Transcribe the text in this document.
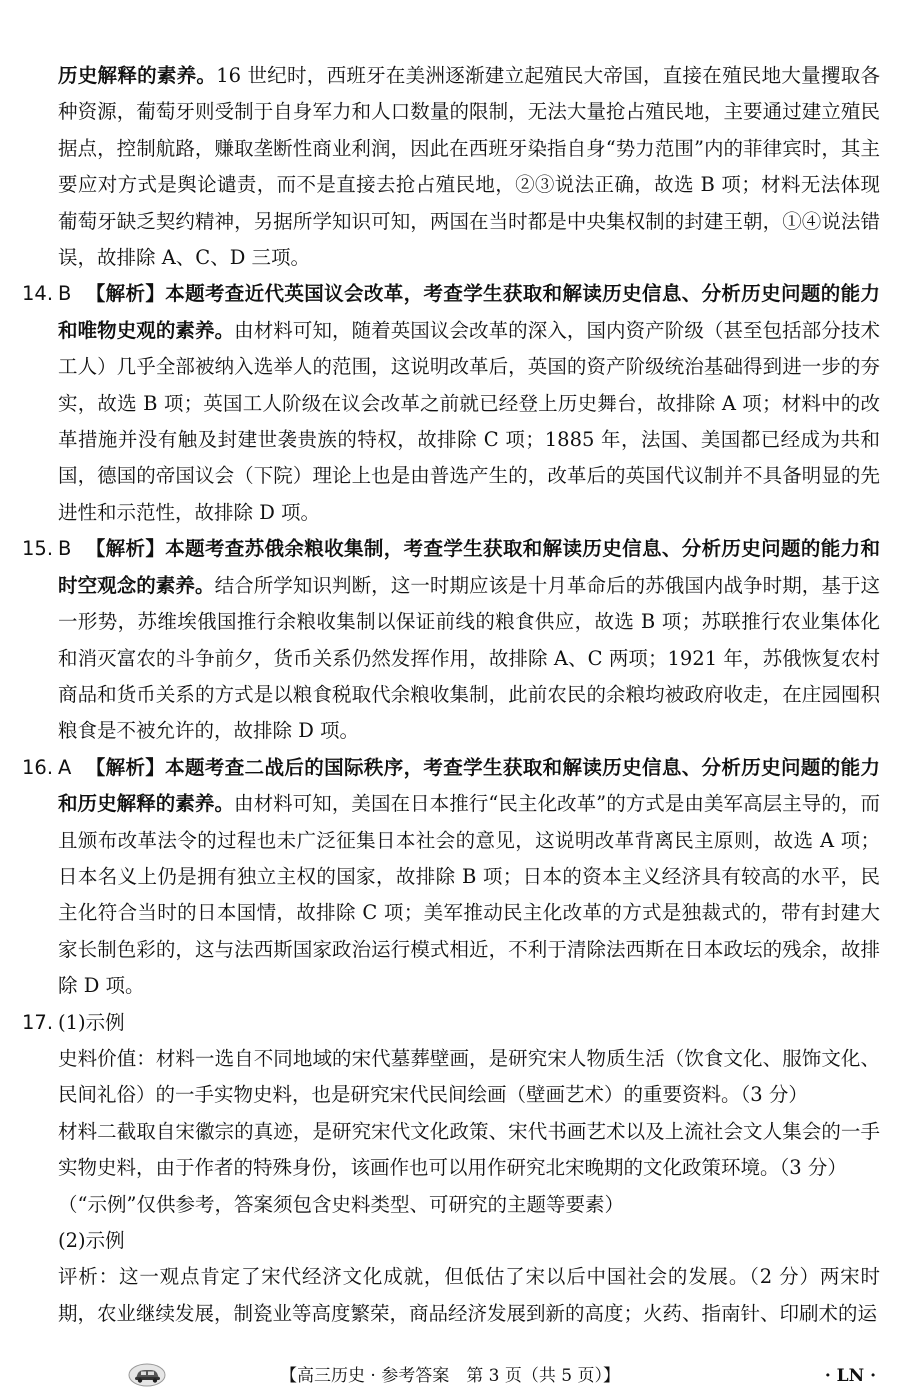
历史解释的素养。16 世纪时，西班牙在美洲逐渐建立起殖民大帝国，直接在殖民地大量攫取各种资源，葡萄牙则受制于自身军力和人口数量的限制，无法大量抢占殖民地，主要通过建立殖民据点，控制航路，赚取垄断性商业利润，因此在西班牙染指自身“势力范围”内的菲律宾时，其主要应对方式是舆论谴责，而不是直接去抢占殖民地，②③说法正确，故选 B 项；材料无法体现葡萄牙缺乏契约精神，另据所学知识可知，两国在当时都是中央集权制的封建王朝，①④说法错误，故排除 A、C、D 三项。

14. B 【解析】本题考查近代英国议会改革，考查学生获取和解读历史信息、分析历史问题的能力和唯物史观的素养。由材料可知，随着英国议会改革的深入，国内资产阶级（甚至包括部分技术工人）几乎全部被纳入选举人的范围，这说明改革后，英国的资产阶级统治基础得到进一步的夯实，故选 B 项；英国工人阶级在议会改革之前就已经登上历史舞台，故排除 A 项；材料中的改革措施并没有触及封建世袭贵族的特权，故排除 C 项；1885 年，法国、美国都已经成为共和国，德国的帝国议会（下院）理论上也是由普选产生的，改革后的英国代议制并不具备明显的先进性和示范性，故排除 D 项。
15. B 【解析】本题考查苏俄余粮收集制，考查学生获取和解读历史信息、分析历史问题的能力和时空观念的素养。结合所学知识判断，这一时期应该是十月革命后的苏俄国内战争时期，基于这一形势，苏维埃俄国推行余粮收集制以保证前线的粮食供应，故选 B 项；苏联推行农业集体化和消灭富农的斗争前夕，货币关系仍然发挥作用，故排除 A、C 两项；1921 年，苏俄恢复农村商品和货币关系的方式是以粮食税取代余粮收集制，此前农民的余粮均被政府收走，在庄园囤积粮食是不被允许的，故排除 D 项。
16. A 【解析】本题考查二战后的国际秩序，考查学生获取和解读历史信息、分析历史问题的能力和历史解释的素养。由材料可知，美国在日本推行“民主化改革”的方式是由美军高层主导的，而且颁布改革法令的过程也未广泛征集日本社会的意见，这说明改革背离民主原则，故选 A 项；日本名义上仍是拥有独立主权的国家，故排除 B 项；日本的资本主义经济具有较高的水平，民主化符合当时的日本国情，故排除 C 项；美军推动民主化改革的方式是独裁式的，带有封建大家长制色彩的，这与法西斯国家政治运行模式相近，不利于清除法西斯在日本政坛的残余，故排除 D 项。
17. (1)示例
史料价值：材料一选自不同地域的宋代墓葬壁画，是研究宋人物质生活（饮食文化、服饰文化、民间礼俗）的一手实物史料，也是研究宋代民间绘画（壁画艺术）的重要资料。（3 分）
材料二截取自宋徽宗的真迹，是研究宋代文化政策、宋代书画艺术以及上流社会文人集会的一手实物史料，由于作者的特殊身份，该画作也可以用作研究北宋晚期的文化政策环境。（3 分）
（“示例”仅供参考，答案须包含史料类型、可研究的主题等要素）
(2)示例
评析：这一观点肯定了宋代经济文化成就，但低估了宋以后中国社会的发展。（2 分）两宋时期，农业继续发展，制瓷业等高度繁荣，商品经济发展到新的高度；火药、指南针、印刷术的运
【高三历史 · 参考答案　第 3 页（共 5 页）】	· LN ·
